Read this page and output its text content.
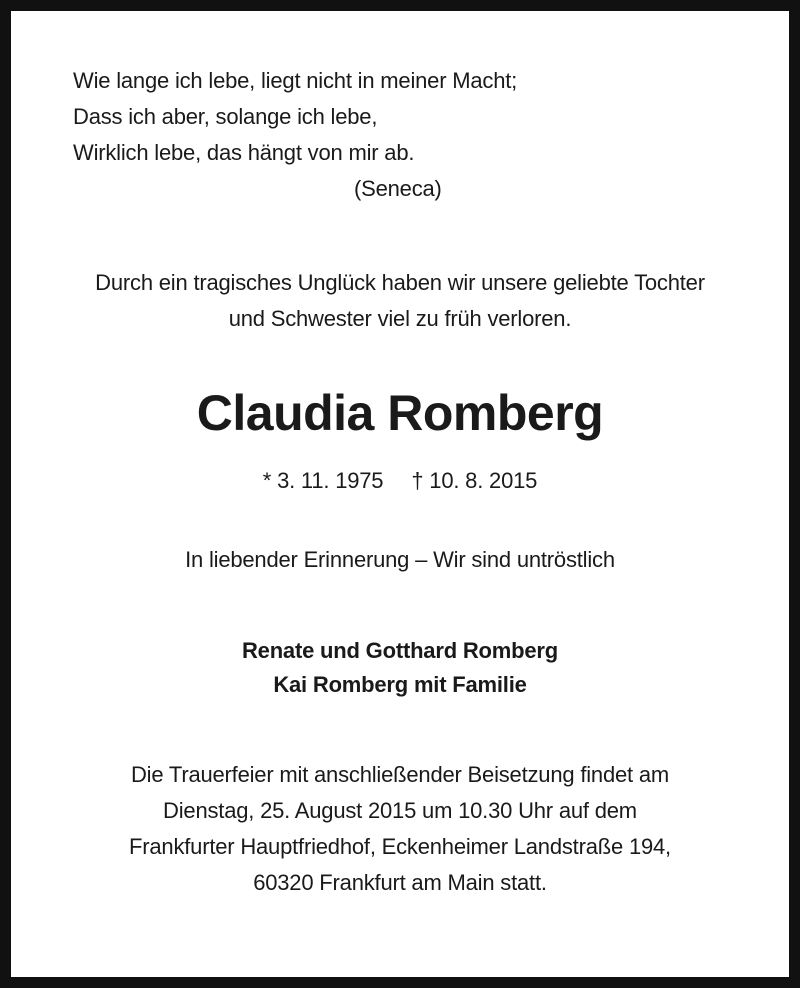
Wie lange ich lebe, liegt nicht in meiner Macht;
Dass ich aber, solange ich lebe,
Wirklich lebe, das hängt von mir ab.
(Seneca)
Durch ein tragisches Unglück haben wir unsere geliebte Tochter
und Schwester viel zu früh verloren.
Claudia Romberg
* 3. 11. 1975 † 10. 8. 2015
In liebender Erinnerung – Wir sind untröstlich
Renate und Gotthard Romberg
Kai Romberg mit Familie
Die Trauerfeier mit anschließender Beisetzung findet am
Dienstag, 25. August 2015 um 10.30 Uhr auf dem
Frankfurter Hauptfriedhof, Eckenheimer Landstraße 194,
60320 Frankfurt am Main statt.
